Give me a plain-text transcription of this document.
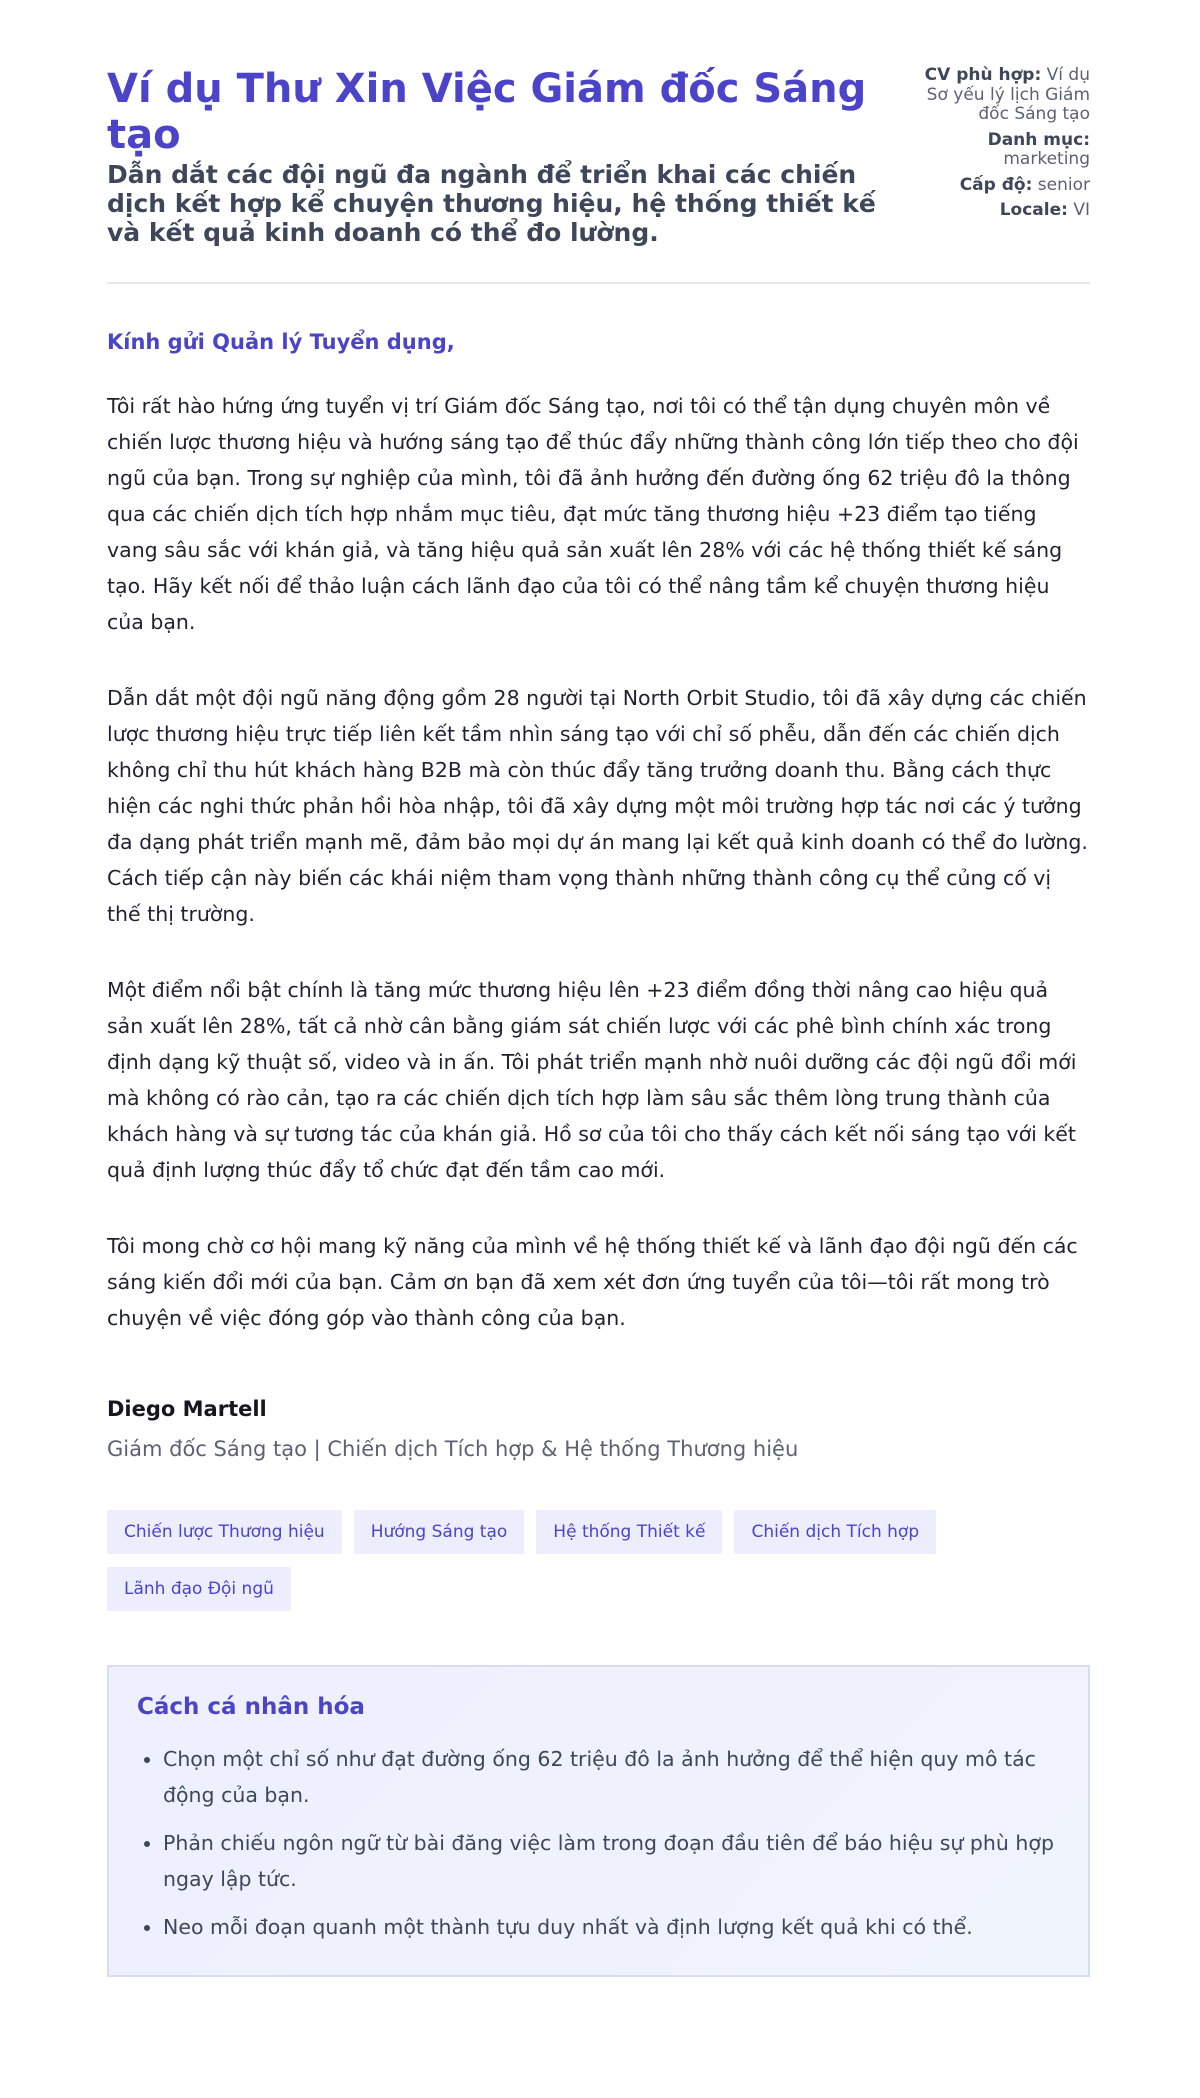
Ví dụ Thư Xin Việc Giám đốc Sáng tạo

Dẫn dắt các đội ngũ đa ngành để triển khai các chiến dịch kết hợp kể chuyện thương hiệu, hệ thống thiết kế và kết quả kinh doanh có thể đo lường.

CV phù hợp: Ví dụ Sơ yếu lý lịch Giám đốc Sáng tạo
Danh mục: marketing
Cấp độ: senior
Locale: VI

Kính gửi Quản lý Tuyển dụng,

Tôi rất hào hứng ứng tuyển vị trí Giám đốc Sáng tạo, nơi tôi có thể tận dụng chuyên môn về chiến lược thương hiệu và hướng sáng tạo để thúc đẩy những thành công lớn tiếp theo cho đội ngũ của bạn. Trong sự nghiệp của mình, tôi đã ảnh hưởng đến đường ống 62 triệu đô la thông qua các chiến dịch tích hợp nhắm mục tiêu, đạt mức tăng thương hiệu +23 điểm tạo tiếng vang sâu sắc với khán giả, và tăng hiệu quả sản xuất lên 28% với các hệ thống thiết kế sáng tạo. Hãy kết nối để thảo luận cách lãnh đạo của tôi có thể nâng tầm kể chuyện thương hiệu của bạn.

Dẫn dắt một đội ngũ năng động gồm 28 người tại North Orbit Studio, tôi đã xây dựng các chiến lược thương hiệu trực tiếp liên kết tầm nhìn sáng tạo với chỉ số phễu, dẫn đến các chiến dịch không chỉ thu hút khách hàng B2B mà còn thúc đẩy tăng trưởng doanh thu. Bằng cách thực hiện các nghi thức phản hồi hòa nhập, tôi đã xây dựng một môi trường hợp tác nơi các ý tưởng đa dạng phát triển mạnh mẽ, đảm bảo mọi dự án mang lại kết quả kinh doanh có thể đo lường. Cách tiếp cận này biến các khái niệm tham vọng thành những thành công cụ thể củng cố vị thế thị trường.

Một điểm nổi bật chính là tăng mức thương hiệu lên +23 điểm đồng thời nâng cao hiệu quả sản xuất lên 28%, tất cả nhờ cân bằng giám sát chiến lược với các phê bình chính xác trong định dạng kỹ thuật số, video và in ấn. Tôi phát triển mạnh nhờ nuôi dưỡng các đội ngũ đổi mới mà không có rào cản, tạo ra các chiến dịch tích hợp làm sâu sắc thêm lòng trung thành của khách hàng và sự tương tác của khán giả. Hồ sơ của tôi cho thấy cách kết nối sáng tạo với kết quả định lượng thúc đẩy tổ chức đạt đến tầm cao mới.

Tôi mong chờ cơ hội mang kỹ năng của mình về hệ thống thiết kế và lãnh đạo đội ngũ đến các sáng kiến đổi mới của bạn. Cảm ơn bạn đã xem xét đơn ứng tuyển của tôi—tôi rất mong trò chuyện về việc đóng góp vào thành công của bạn.

Diego Martell
Giám đốc Sáng tạo | Chiến dịch Tích hợp & Hệ thống Thương hiệu
Chiến lược Thương hiệu	Hướng Sáng tạo	Hệ thống Thiết kế	Chiến dịch Tích hợp
Lãnh đạo Đội ngũ
Cách cá nhân hóa
• Chọn một chỉ số như đạt đường ống 62 triệu đô la ảnh hưởng để thể hiện quy mô tác động của bạn.
• Phản chiếu ngôn ngữ từ bài đăng việc làm trong đoạn đầu tiên để báo hiệu sự phù hợp ngay lập tức.
• Neo mỗi đoạn quanh một thành tựu duy nhất và định lượng kết quả khi có thể.
